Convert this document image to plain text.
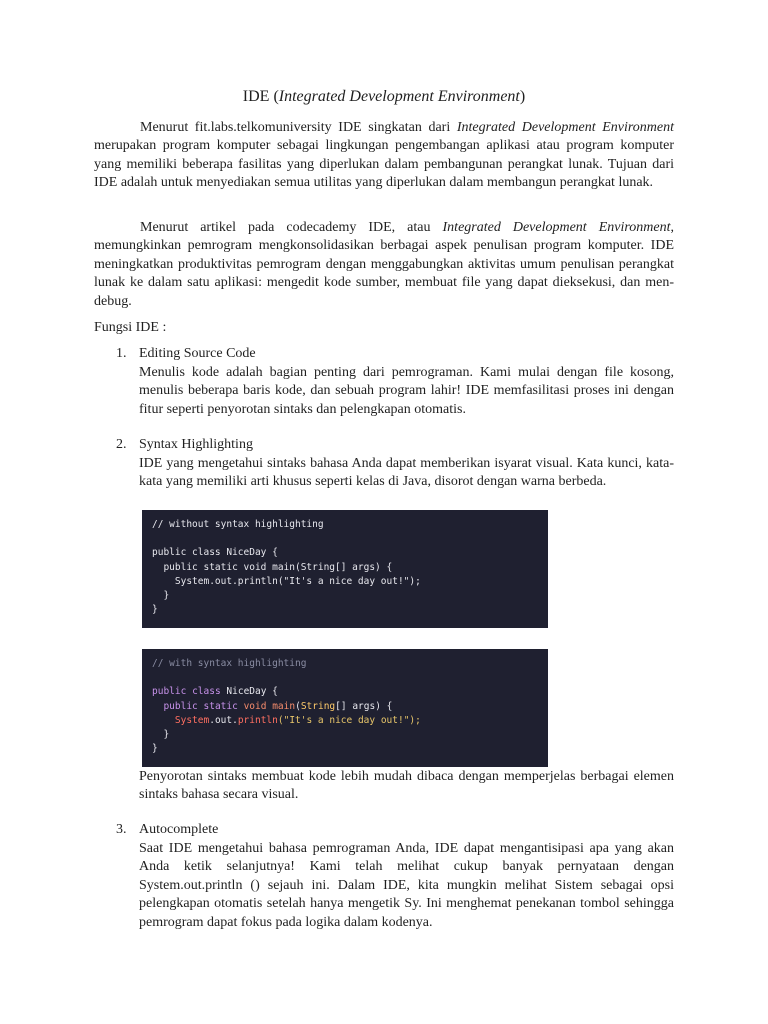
IDE (Integrated Development Environment)

Menurut fit.labs.telkomuniversity IDE singkatan dari Integrated Development Environment merupakan program komputer sebagai lingkungan pengembangan aplikasi atau program komputer yang memiliki beberapa fasilitas yang diperlukan dalam pembangunan perangkat lunak. Tujuan dari IDE adalah untuk menyediakan semua utilitas yang diperlukan dalam membangun perangkat lunak.

Menurut artikel pada codecademy IDE, atau Integrated Development Environment, memungkinkan pemrogram mengkonsolidasikan berbagai aspek penulisan program komputer. IDE meningkatkan produktivitas pemrogram dengan menggabungkan aktivitas umum penulisan perangkat lunak ke dalam satu aplikasi: mengedit kode sumber, membuat file yang dapat dieksekusi, dan men-debug.

Fungsi IDE :

1. Editing Source Code

Menulis kode adalah bagian penting dari pemrograman. Kami mulai dengan file kosong, menulis beberapa baris kode, dan sebuah program lahir! IDE memfasilitasi proses ini dengan fitur seperti penyorotan sintaks dan pelengkapan otomatis.

2. Syntax Highlighting

IDE yang mengetahui sintaks bahasa Anda dapat memberikan isyarat visual. Kata kunci, kata-kata yang memiliki arti khusus seperti kelas di Java, disorot dengan warna berbeda.

// without syntax highlighting

public class NiceDay {
public static void main(String[] args) {
System.out.println("It's a nice day out!");
}
}
// with syntax highlighting

public class NiceDay {
public static void main(String[] args) {
System.out.println("It's a nice day out!");
}
}

Penyorotan sintaks membuat kode lebih mudah dibaca dengan memperjelas berbagai elemen sintaks bahasa secara visual.

3. Autocomplete

Saat IDE mengetahui bahasa pemrograman Anda, IDE dapat mengantisipasi apa yang akan Anda ketik selanjutnya! Kami telah melihat cukup banyak pernyataan dengan System.out.println () sejauh ini. Dalam IDE, kita mungkin melihat Sistem sebagai opsi pelengkapan otomatis setelah hanya mengetik Sy. Ini menghemat penekanan tombol sehingga pemrogram dapat fokus pada logika dalam kodenya.
